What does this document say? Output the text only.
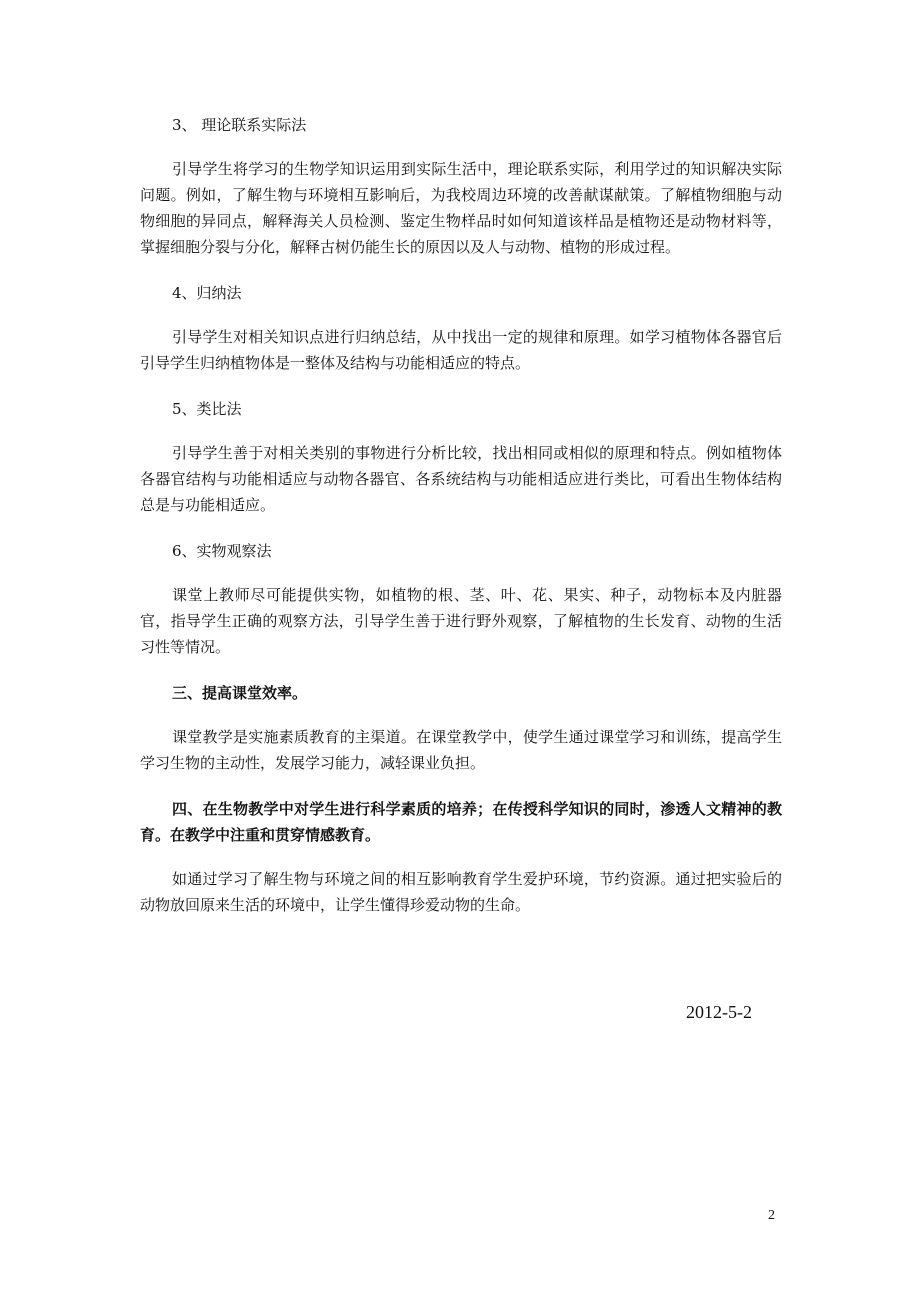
3、 理论联系实际法

引导学生将学习的生物学知识运用到实际生活中，理论联系实际，利用学过的知识解决实际问题。例如，了解生物与环境相互影响后，为我校周边环境的改善献谋献策。了解植物细胞与动物细胞的异同点，解释海关人员检测、鉴定生物样品时如何知道该样品是植物还是动物材料等，掌握细胞分裂与分化，解释古树仍能生长的原因以及人与动物、植物的形成过程。

4、归纳法

引导学生对相关知识点进行归纳总结，从中找出一定的规律和原理。如学习植物体各器官后引导学生归纳植物体是一整体及结构与功能相适应的特点。

5、类比法

引导学生善于对相关类别的事物进行分析比较，找出相同或相似的原理和特点。例如植物体各器官结构与功能相适应与动物各器官、各系统结构与功能相适应进行类比，可看出生物体结构总是与功能相适应。

6、实物观察法

课堂上教师尽可能提供实物，如植物的根、茎、叶、花、果实、种子，动物标本及内脏器官，指导学生正确的观察方法，引导学生善于进行野外观察，了解植物的生长发育、动物的生活习性等情况。

三、提高课堂效率。

课堂教学是实施素质教育的主渠道。在课堂教学中，使学生通过课堂学习和训练，提高学生学习生物的主动性，发展学习能力，减轻课业负担。

四、在生物教学中对学生进行科学素质的培养；在传授科学知识的同时，渗透人文精神的教育。在教学中注重和贯穿情感教育。

如通过学习了解生物与环境之间的相互影响教育学生爱护环境，节约资源。通过把实验后的动物放回原来生活的环境中，让学生懂得珍爱动物的生命。

2012-5-2
2
